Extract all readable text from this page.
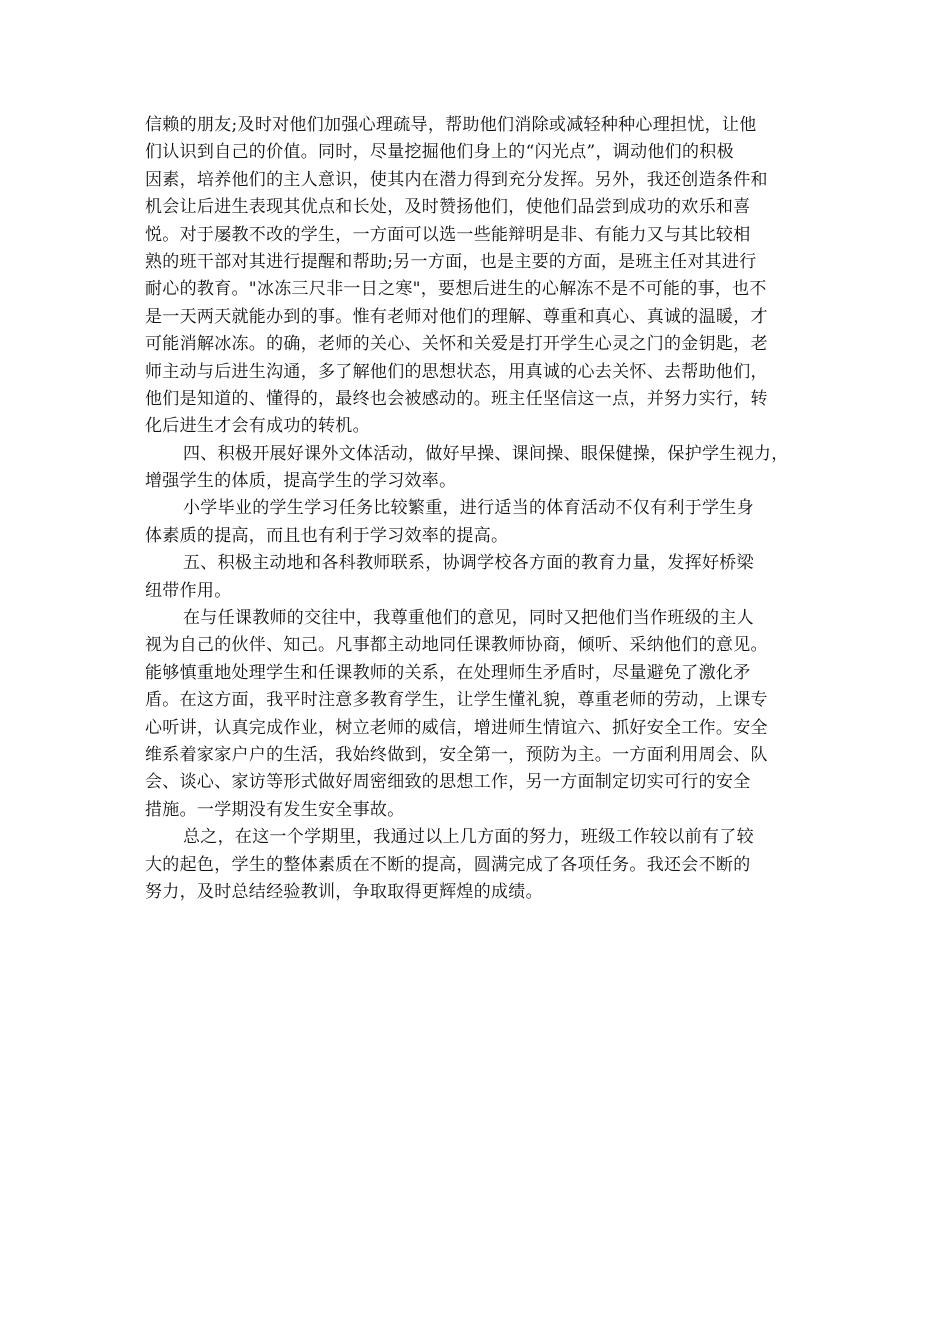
信赖的朋友;及时对他们加强心理疏导，帮助他们消除或减轻种种心理担忧，让他
们认识到自己的价值。同时，尽量挖掘他们身上的“闪光点”，调动他们的积极
因素，培养他们的主人意识，使其内在潜力得到充分发挥。另外，我还创造条件和
机会让后进生表现其优点和长处，及时赞扬他们，使他们品尝到成功的欢乐和喜
悦。对于屡教不改的学生，一方面可以选一些能辩明是非、有能力又与其比较相
熟的班干部对其进行提醒和帮助;另一方面，也是主要的方面，是班主任对其进行
耐心的教育。"冰冻三尺非一日之寒"，要想后进生的心解冻不是不可能的事，也不
是一天两天就能办到的事。惟有老师对他们的理解、尊重和真心、真诚的温暖，才
可能消解冰冻。的确，老师的关心、关怀和关爱是打开学生心灵之门的金钥匙，老
师主动与后进生沟通，多了解他们的思想状态，用真诚的心去关怀、去帮助他们，
他们是知道的、懂得的，最终也会被感动的。班主任坚信这一点，并努力实行，转
化后进生才会有成功的转机。
四、积极开展好课外文体活动，做好早操、课间操、眼保健操，保护学生视力，
增强学生的体质，提高学生的学习效率。
小学毕业的学生学习任务比较繁重，进行适当的体育活动不仅有利于学生身
体素质的提高，而且也有利于学习效率的提高。
五、积极主动地和各科教师联系，协调学校各方面的教育力量，发挥好桥梁
纽带作用。
在与任课教师的交往中，我尊重他们的意见，同时又把他们当作班级的主人
视为自己的伙伴、知己。凡事都主动地同任课教师协商，倾听、采纳他们的意见。
能够慎重地处理学生和任课教师的关系，在处理师生矛盾时，尽量避免了激化矛
盾。在这方面，我平时注意多教育学生，让学生懂礼貌，尊重老师的劳动，上课专
心听讲，认真完成作业，树立老师的威信，增进师生情谊六、抓好安全工作。安全
维系着家家户户的生活，我始终做到，安全第一，预防为主。一方面利用周会、队
会、谈心、家访等形式做好周密细致的思想工作，另一方面制定切实可行的安全
措施。一学期没有发生安全事故。
总之，在这一个学期里，我通过以上几方面的努力，班级工作较以前有了较
大的起色，学生的整体素质在不断的提高，圆满完成了各项任务。我还会不断的
努力，及时总结经验教训，争取取得更辉煌的成绩。
